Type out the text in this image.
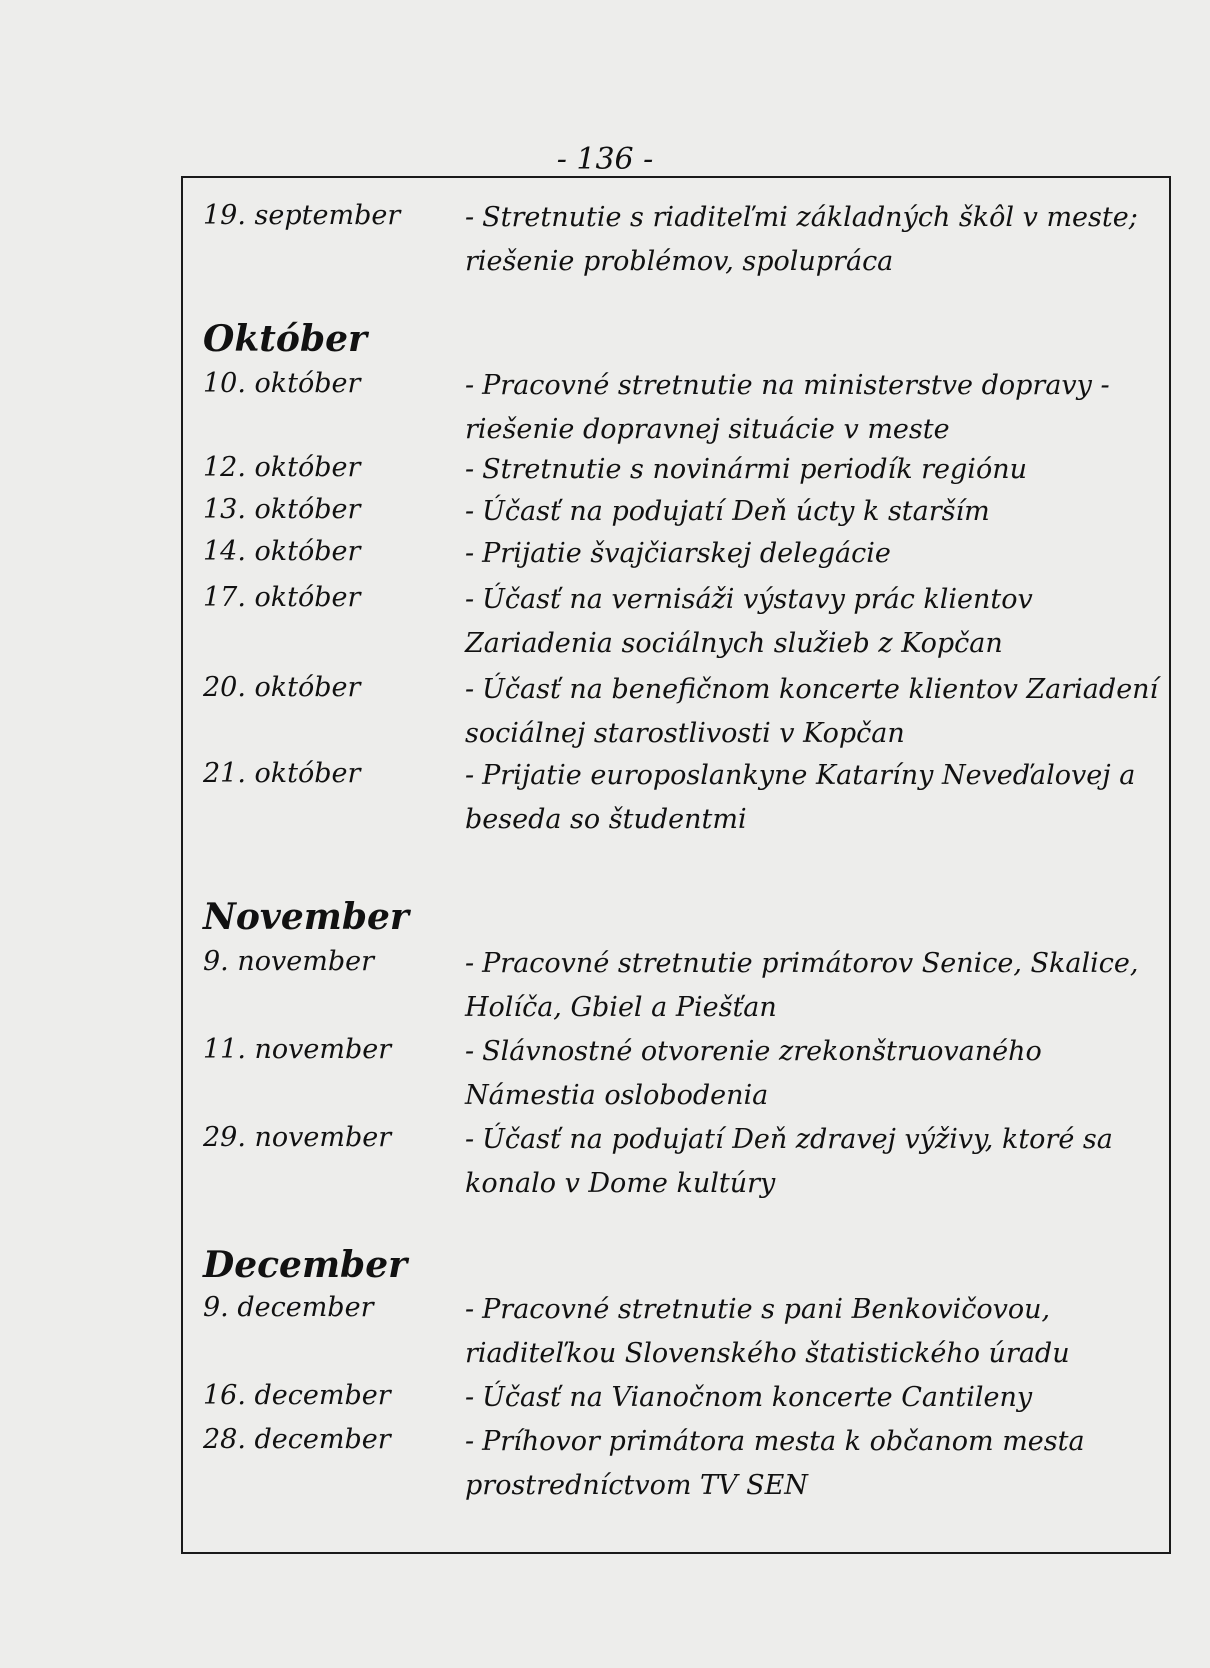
- 136 -
19. september	- Stretnutie s riaditeľmi základných škôl v meste; riešenie problémov, spolupráca
Október
10. október	- Pracovné stretnutie na ministerstve dopravy - riešenie dopravnej situácie v meste
12. október	- Stretnutie s novinármi periodík regiónu
13. október	- Účasť na podujatí Deň úcty k starším
14. október	- Prijatie švajčiarskej delegácie
17. október	- Účasť na vernisáži výstavy prác klientov Zariadenia sociálnych služieb z Kopčan
20. október	- Účasť na benefičnom koncerte klientov Zariadení sociálnej starostlivosti v Kopčan
21. október	- Prijatie europoslankyne Kataríny Neveďalovej a beseda so študentmi
November
9. november	- Pracovné stretnutie primátorov Senice, Skalice, Holíča, Gbiel a Piešťan
11. november	- Slávnostné otvorenie zrekonštruovaného Námestia oslobodenia
29. november	- Účasť na podujatí Deň zdravej výživy, ktoré sa konalo v Dome kultúry
December
9. december	- Pracovné stretnutie s pani Benkovičovou, riaditeľkou Slovenského štatistického úradu
16. december	- Účasť na Vianočnom koncerte Cantileny
28. december	- Príhovor primátora mesta k občanom mesta prostredníctvom TV SEN
